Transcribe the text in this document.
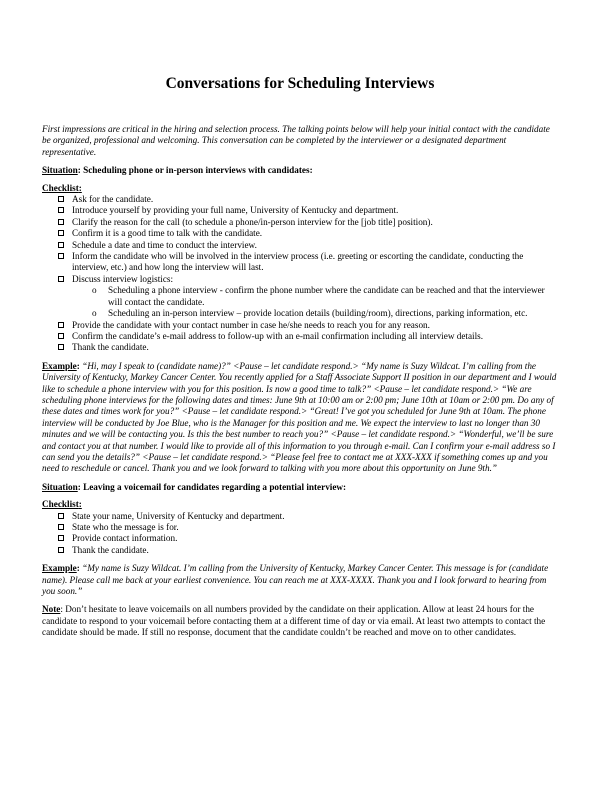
Conversations for Scheduling Interviews

First impressions are critical in the hiring and selection process. The talking points below will help your initial contact with the candidate be organized, professional and welcoming. This conversation can be completed by the interviewer or a designated department representative.

Situation: Scheduling phone or in-person interviews with candidates:

Checklist:

Ask for the candidate.
Introduce yourself by providing your full name, University of Kentucky and department.
Clarify the reason for the call (to schedule a phone/in-person interview for the [job title] position).
Confirm it is a good time to talk with the candidate.
Schedule a date and time to conduct the interview.
Inform the candidate who will be involved in the interview process (i.e. greeting or escorting the candidate, conducting the interview, etc.) and how long the interview will last.
Discuss interview logistics:
o Scheduling a phone interview - confirm the phone number where the candidate can be reached and that the interviewer will contact the candidate.
o Scheduling an in-person interview – provide location details (building/room), directions, parking information, etc.
Provide the candidate with your contact number in case he/she needs to reach you for any reason.
Confirm the candidate’s e-mail address to follow-up with an e-mail confirmation including all interview details.
Thank the candidate.

Example: “Hi, may I speak to (candidate name)?” <Pause – let candidate respond.> “My name is Suzy Wildcat. I’m calling from the University of Kentucky, Markey Cancer Center. You recently applied for a Staff Associate Support II position in our department and I would like to schedule a phone interview with you for this position. Is now a good time to talk?” <Pause – let candidate respond.> “We are scheduling phone interviews for the following dates and times: June 9th at 10:00 am or 2:00 pm; June 10th at 10am or 2:00 pm. Do any of these dates and times work for you?” <Pause – let candidate respond.> “Great! I’ve got you scheduled for June 9th at 10am. The phone interview will be conducted by Joe Blue, who is the Manager for this position and me. We expect the interview to last no longer than 30 minutes and we will be contacting you. Is this the best number to reach you?” <Pause – let candidate respond.> “Wonderful, we’ll be sure and contact you at that number. I would like to provide all of this information to you through e-mail. Can I confirm your e-mail address so I can send you the details?” <Pause – let candidate respond.> “Please feel free to contact me at XXX-XXX if something comes up and you need to reschedule or cancel. Thank you and we look forward to talking with you more about this opportunity on June 9th.”

Situation: Leaving a voicemail for candidates regarding a potential interview:

Checklist:

State your name, University of Kentucky and department.
State who the message is for.
Provide contact information.
Thank the candidate.

Example: “My name is Suzy Wildcat. I’m calling from the University of Kentucky, Markey Cancer Center. This message is for (candidate name). Please call me back at your earliest convenience. You can reach me at XXX-XXXX. Thank you and I look forward to hearing from you soon.”

Note: Don’t hesitate to leave voicemails on all numbers provided by the candidate on their application. Allow at least 24 hours for the candidate to respond to your voicemail before contacting them at a different time of day or via email. At least two attempts to contact the candidate should be made. If still no response, document that the candidate couldn’t be reached and move on to other candidates.
